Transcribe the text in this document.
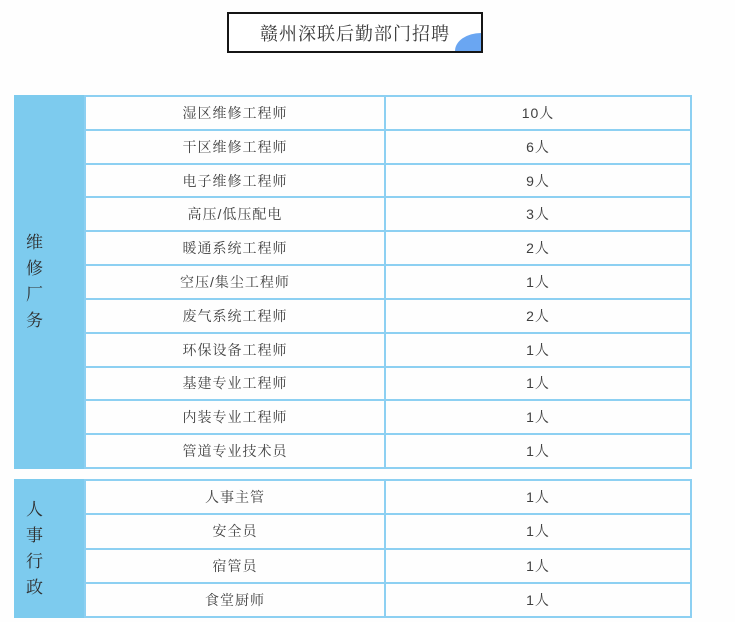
赣州深联后勤部门招聘
维修厂务
湿区维修工程师	10人
干区维修工程师	6人
电子维修工程师	9人
高压/低压配电	3人
暖通系统工程师	2人
空压/集尘工程师	1人
废气系统工程师	2人
环保设备工程师	1人
基建专业工程师	1人
内装专业工程师	1人
管道专业技术员	1人
人事行政
人事主管	1人
安全员	1人
宿管员	1人
食堂厨师	1人
